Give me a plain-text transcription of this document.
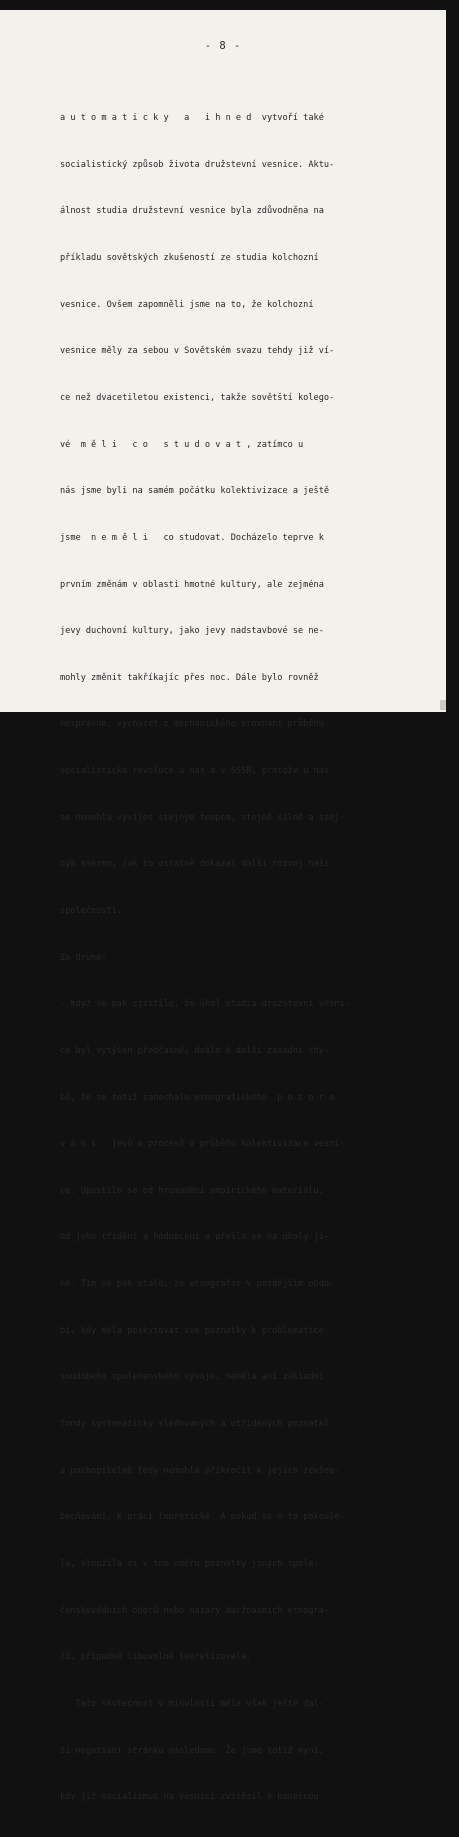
- 8 -

a u t o m a t i c k y   a   i h n e d  vytvoří také

socialistický způsob života družstevní vesnice. Aktu-

álnost studia družstevní vesnice byla zdůvodněna na

příkladu sovětských zkušeností ze studia kolchozní

vesnice. Ovšem zapomněli jsme na to, že kolchozní

vesnice měly za sebou v Sovětském svazu tehdy již ví-

ce než dvacetiletou existenci, takže sovětští kolego-

vé  m ě l i   c o   s t u d o v a t , zatímco u

nás jsme byli na samém počátku kolektivizace a ještě

jsme  n e m ě l i   co studovat. Docházelo teprve k

prvním změnám v oblasti hmotné kultury, ale zejména

jevy duchovní kultury, jako jevy nadstavbové se ne-

mohly změnit takříkajíc přes noc. Dále bylo rovněž

nesprávné, vycházet z mechanického srovnání průběhu

socialistické revoluce u nás a v SSSR, protože u nás

se nemohla vyvíjet stejným tempem, stejně silně a stej-

ným směrem, jak to ostatně dokázal další rozvoj naší

společnosti.

Za druhé:

- když se pak zjistilo, že úkol studia družstevní vesni-

ce byl vytýčen předčasně, došlo k další zásadní chy-

bě, že se totiž zanechalo etnografického  p o z o r o -

v á n í   jevů a procesů v průběhu kolektivizace vesni-

ce. Upustilo se od hromadění empirického materiálu,

od jeho třídění a hodnocení a přešlo se na úkoly ji-

né. Tím se pak stalo, že etnografie v pozdějším obdo-

bí, kdy měla poskytovat své poznatky k problematice

soudobého společenského vývoje, neměla ani základní

fondy systematicky sledovaných a utříděných poznatků

a pochopitelně tedy nemohla přikročit k jejich zevšeo-

becňování, k práci teoretické. A pokud se o to pokouše-

la, sloužila si v tom směru poznatky jiných spole-

čenskovědních oborů nebo názory buržoasních etnogra-

fů, případně libovolně teoretizovala.

Tato skutečnost v minulosti měla však ještě dal-

ší negativní stránku následnou. Že jsme totiž nyní,

kdy již socialismus na vesnici zvítězil s konečnou
